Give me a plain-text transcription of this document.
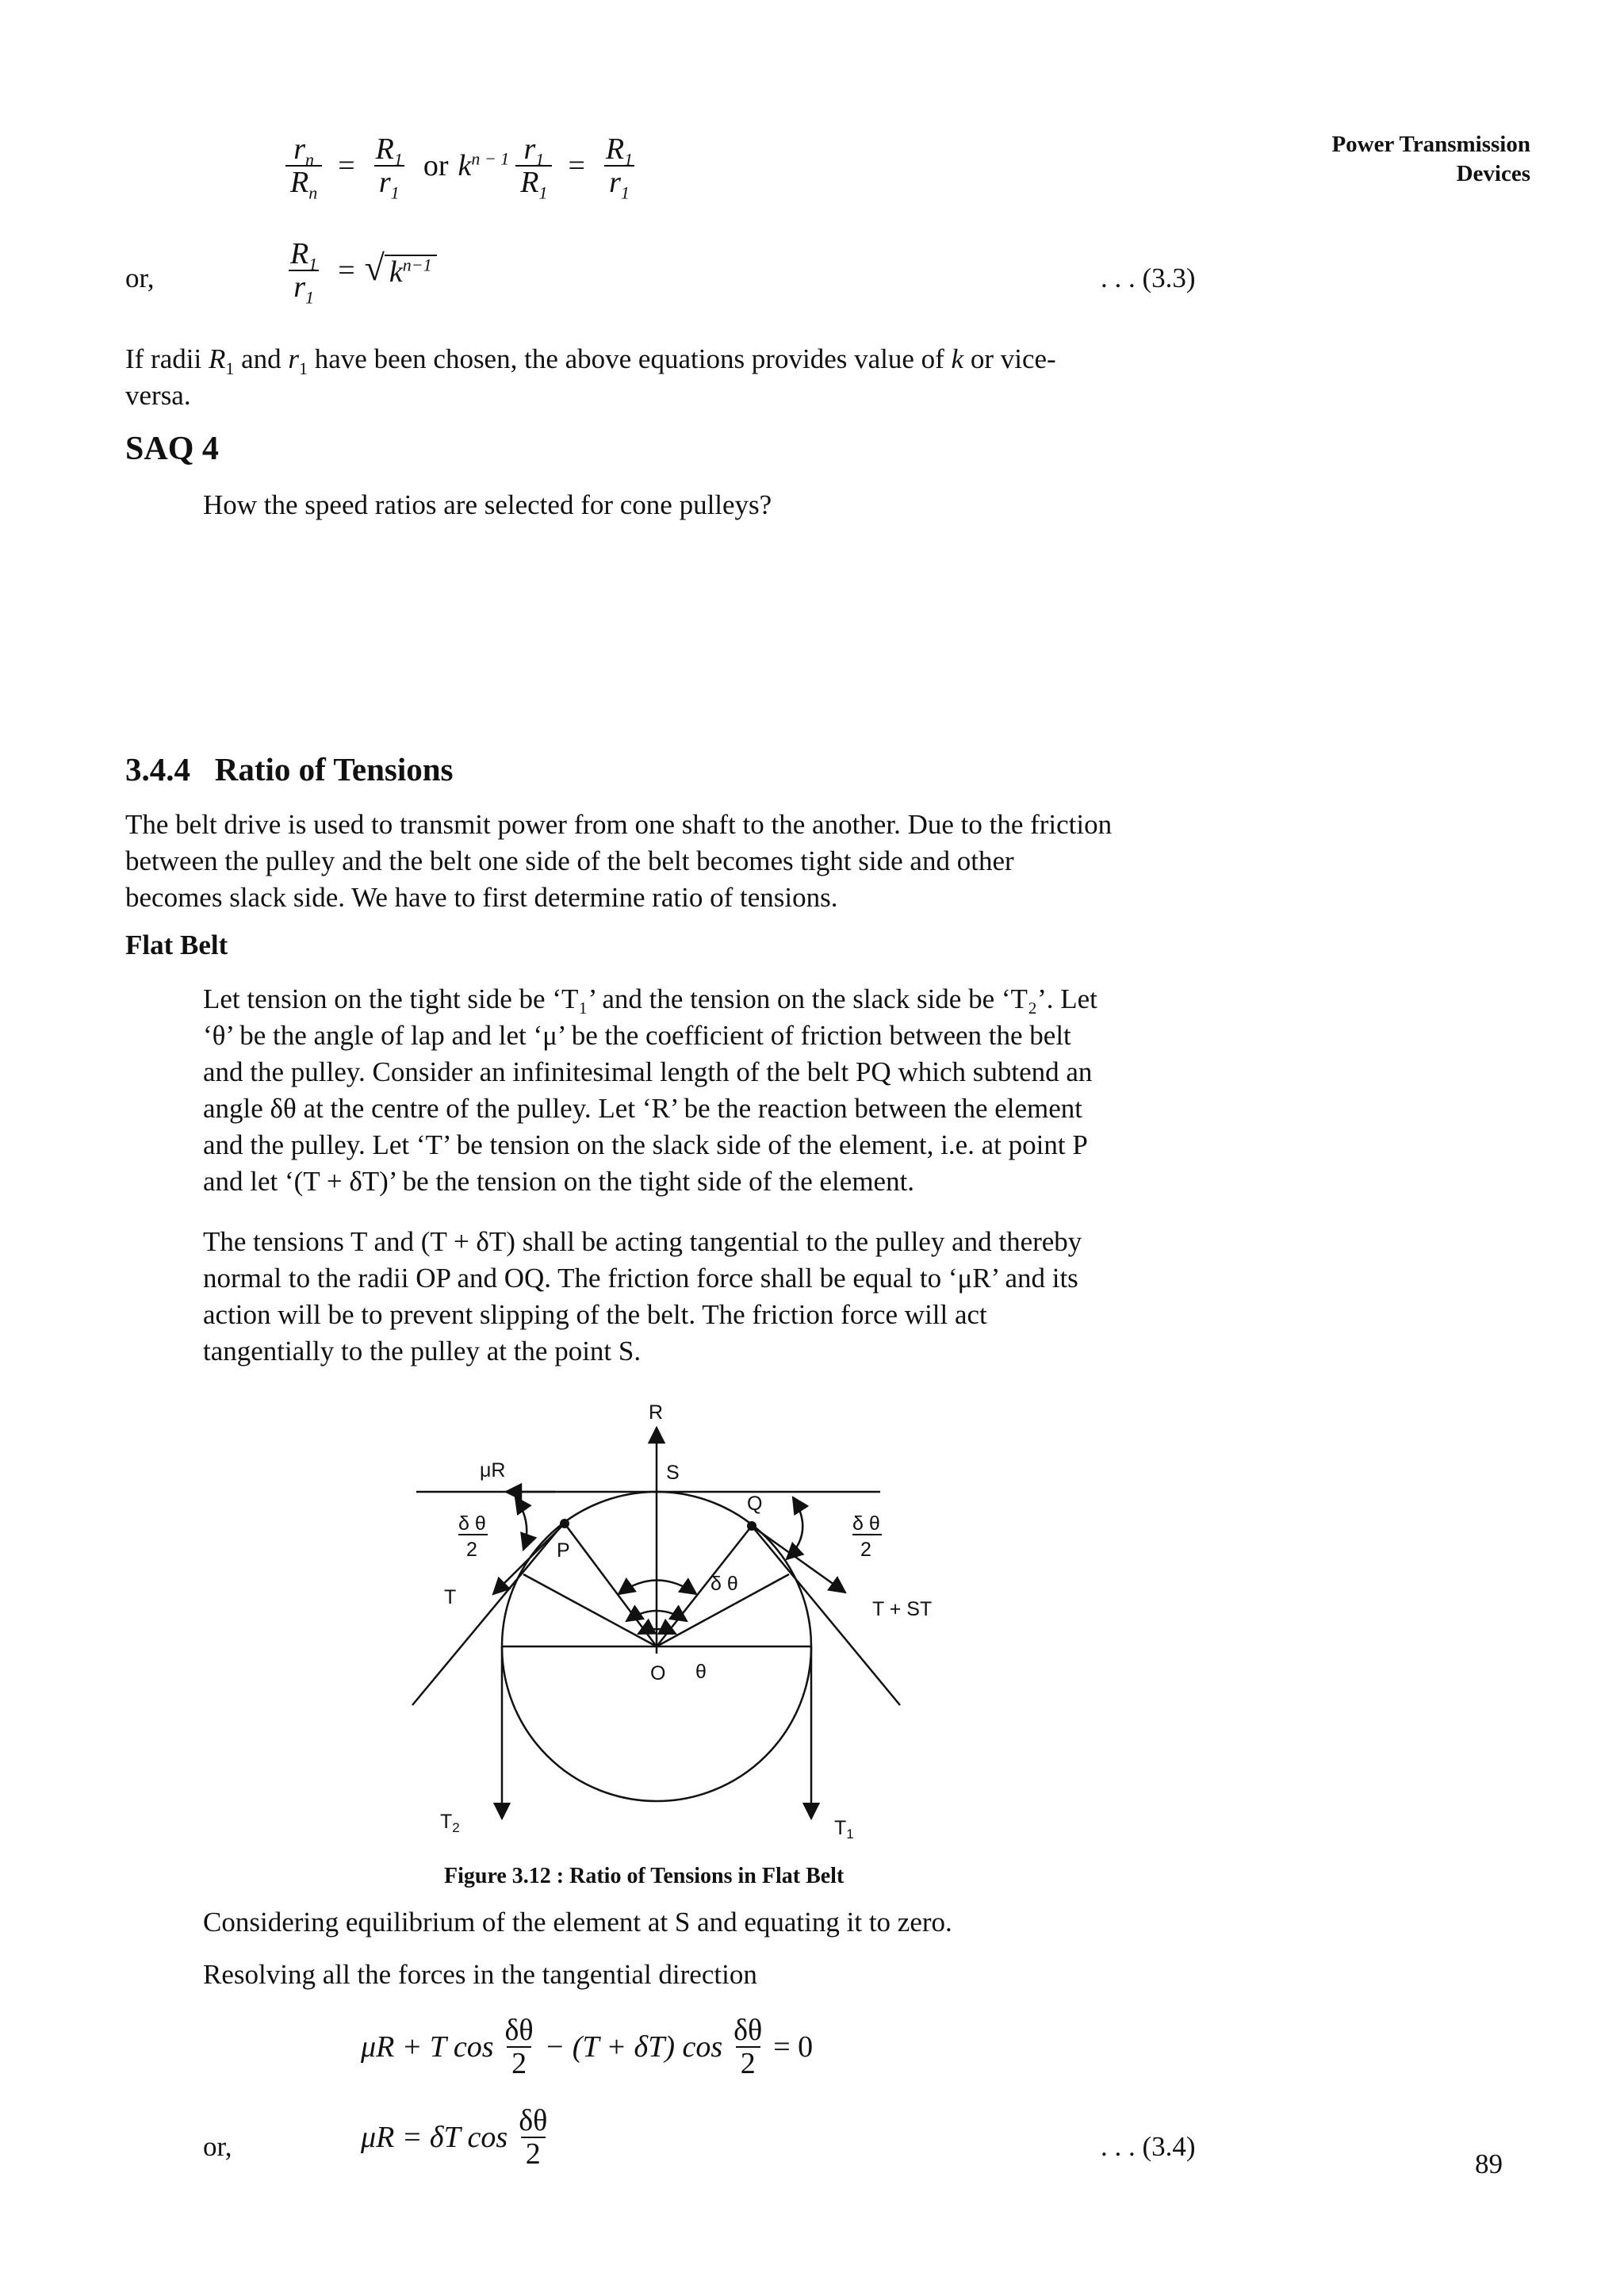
Power Transmission
Devices
$\frac{r_n}{R_n} = \frac{R_1}{r_1}$ or $k^{n - 1} \frac{r_1}{R_1} = \frac{R_1}{r_1}$
or,	$\frac{R_1}{r_1}$ = √ $k^{n-1}$	. . . (3.3)
If radii $R_1$ and $r_1$ have been chosen, the above equations provides value of k or vice-
versa.
SAQ 4
How the speed ratios are selected for cone pulleys?
3.4.4   Ratio of Tensions
The belt drive is used to transmit power from one shaft to the another. Due to the friction
between the pulley and the belt one side of the belt becomes tight side and other
becomes slack side. We have to first determine ratio of tensions.
Flat Belt
Let tension on the tight side be ‘T₁’ and the tension on the slack side be ‘T₂’. Let
‘θ’ be the angle of lap and let ‘μ’ be the coefficient of friction between the belt
and the pulley. Consider an infinitesimal length of the belt PQ which subtend an
angle δθ at the centre of the pulley. Let ‘R’ be the reaction between the element
and the pulley. Let ‘T’ be tension on the slack side of the element, i.e. at point P
and let ‘(T + δT)’ be the tension on the tight side of the element.
The tensions T and (T + δT) shall be acting tangential to the pulley and thereby
normal to the radii OP and OQ. The friction force shall be equal to ‘μR’ and its
action will be to prevent slipping of the belt. The friction force will act
tangentially to the pulley at the point S.
R
μR	S
Q
P
δ θ
2
δ θ
2
δ θ
T
T + ST
O θ
$T_2$	$T_1$
Figure 3.12 : Ratio of Tensions in Flat Belt
Considering equilibrium of the element at S and equating it to zero.
Resolving all the forces in the tangential direction
μR + T $\cos \frac{\delta\theta}{2} - (T + \delta T)$ $\cos \frac{\delta\theta}{2} = 0$
or,	μR = δT $\cos \frac{\delta\theta}{2}$	. . . (3.4)
89
